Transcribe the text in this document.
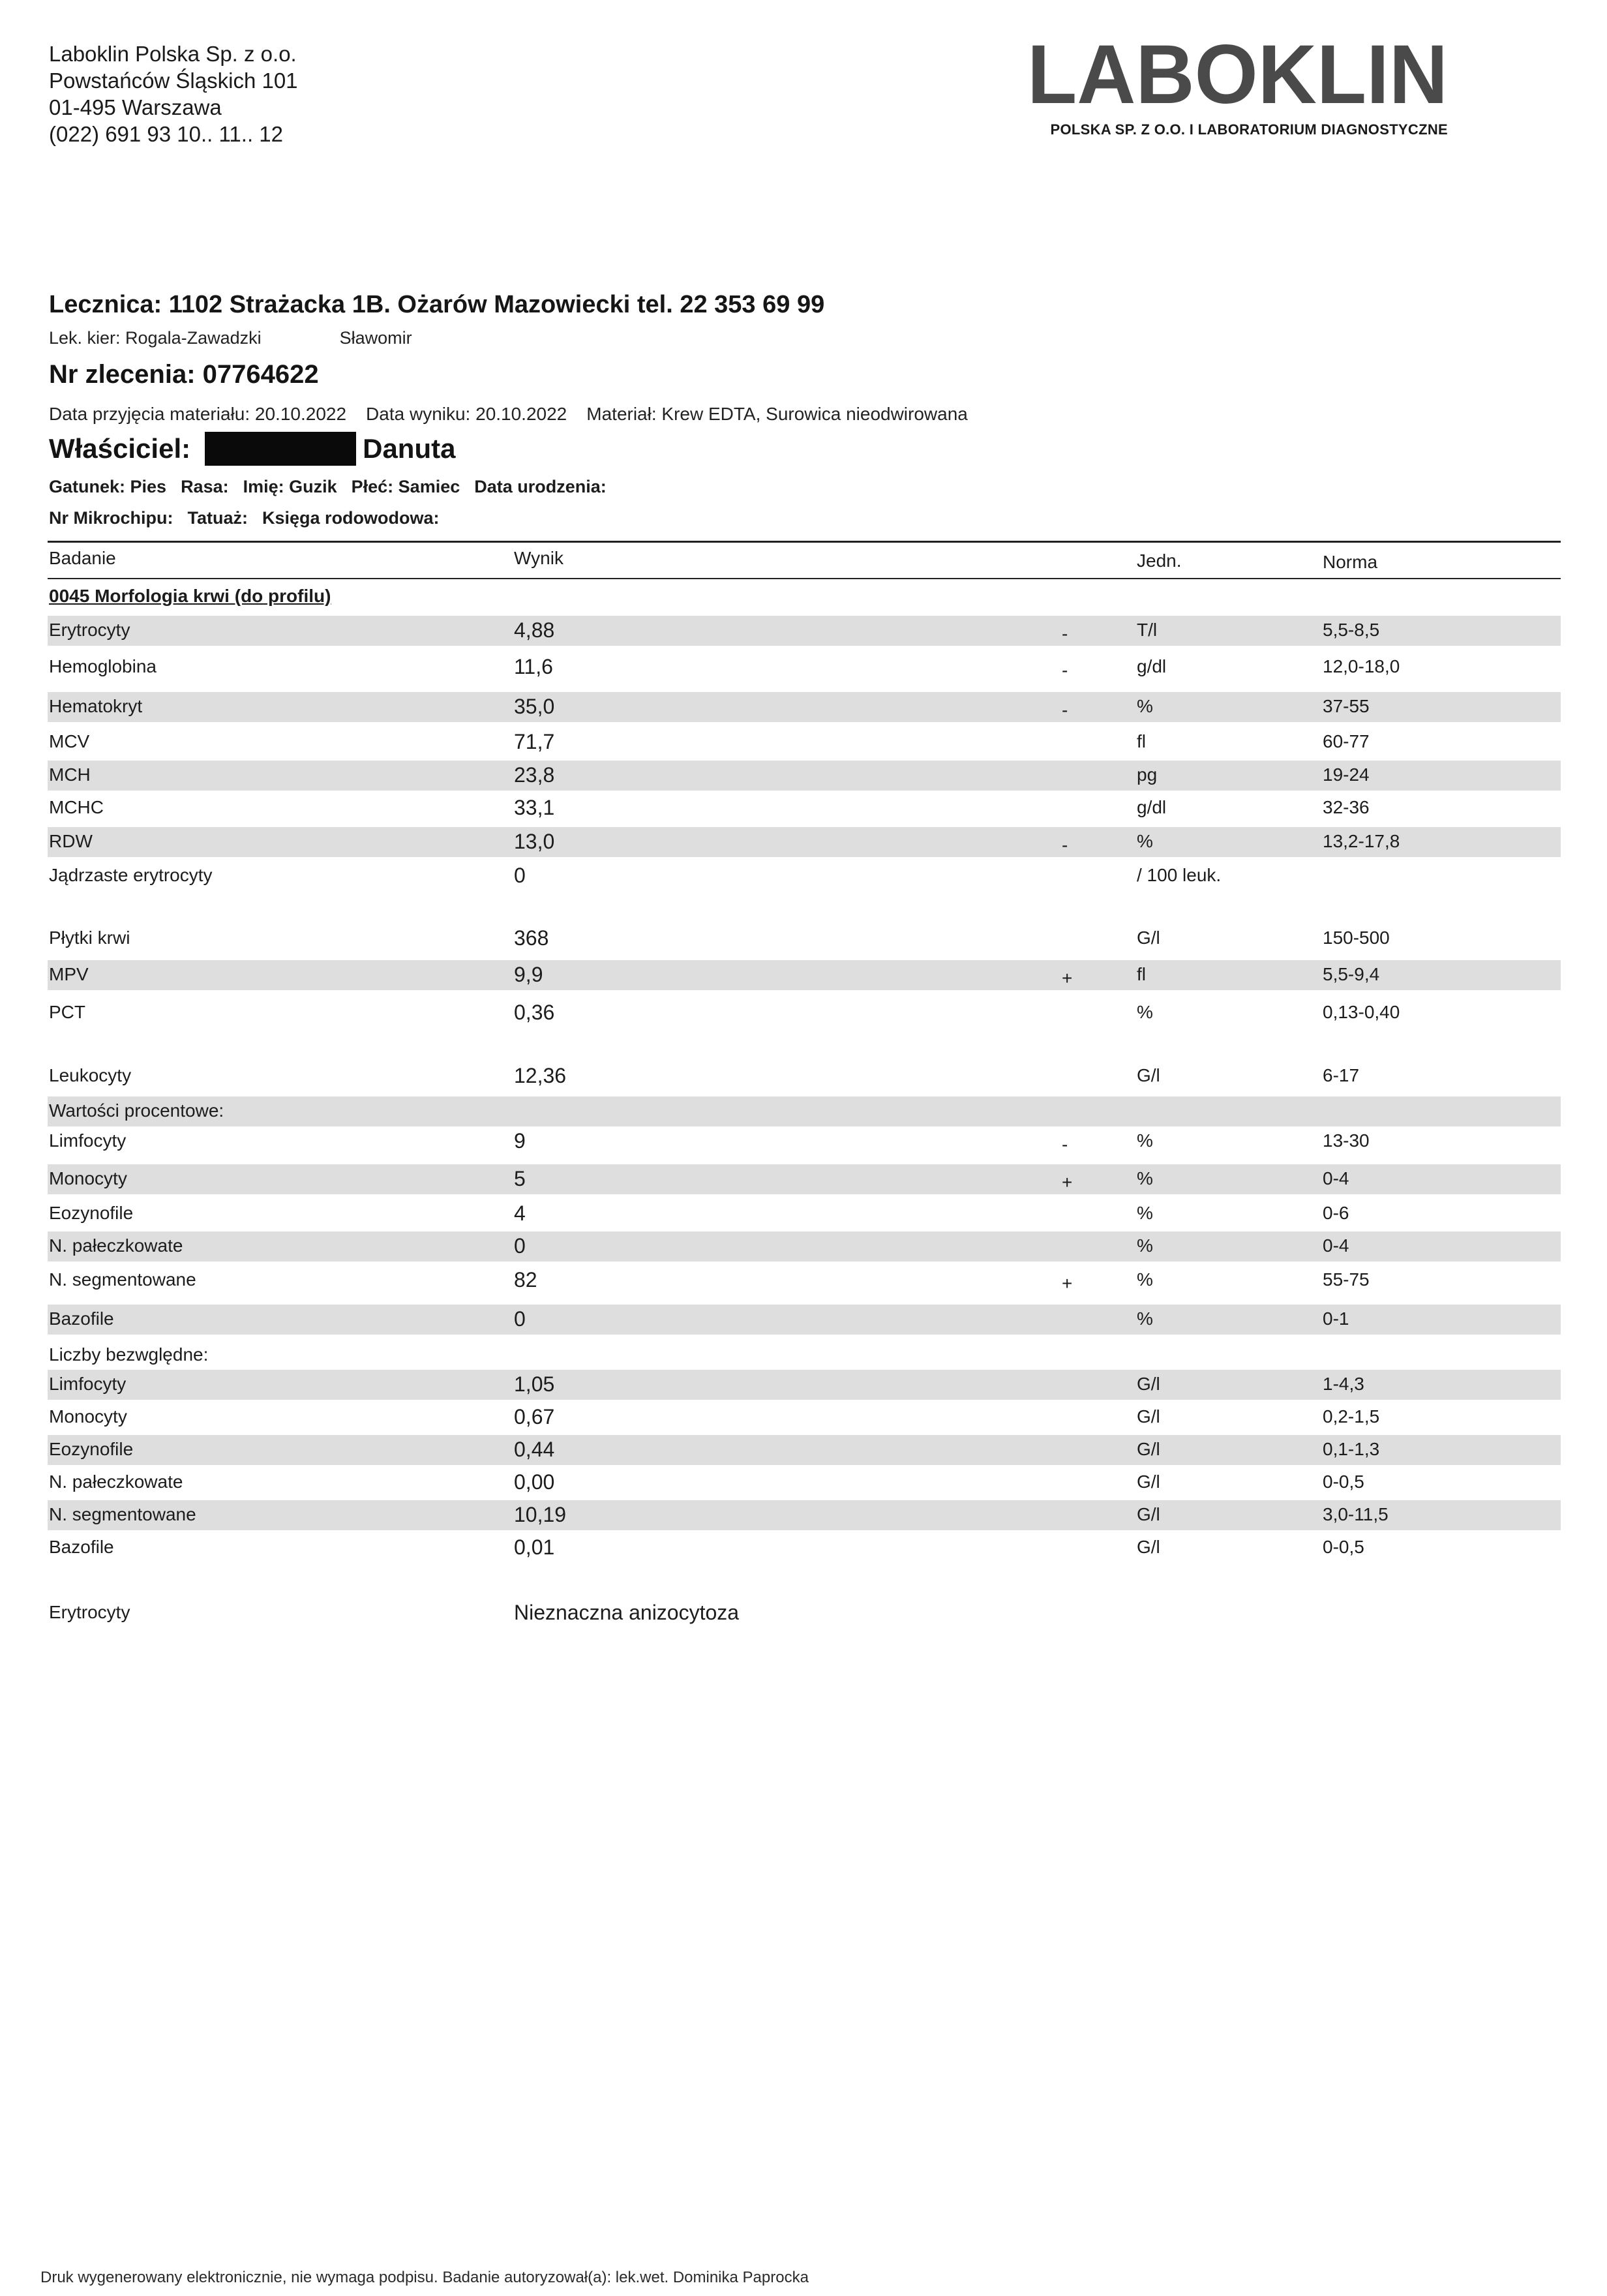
Laboklin Polska Sp. z o.o.
Powstańców Śląskich 101
01-495 Warszawa
(022) 691 93 10.. 11.. 12
LABOKLIN
POLSKA SP. Z O.O. I LABORATORIUM DIAGNOSTYCZNE
Lecznica: 1102 Strażacka 1B. Ożarów Mazowiecki tel. 22 353 69 99
Lek. kier: Rogala-Zawadzki	Sławomir
Nr zlecenia: 07764622
Data przyjęcia materiału: 20.10.2022 Data wyniku: 20.10.2022 Materiał: Krew EDTA, Surowica nieodwirowana
Właściciel:	Danuta
Gatunek: Pies Rasa: Imię: Guzik Płeć: Samiec Data urodzenia:
Nr Mikrochipu: Tatuaż: Księga rodowodowa:
Badanie	Wynik	Jedn.	Norma
0045 Morfologia krwi (do profilu)
Erytrocyty	4,88	-	T/l	5,5-8,5
Hemoglobina	11,6	-	g/dl	12,0-18,0
Hematokryt	35,0	-	%	37-55
MCV	71,7	fl	60-77
MCH	23,8	pg	19-24
MCHC	33,1	g/dl	32-36
RDW	13,0	-	%	13,2-17,8
Jądrzaste erytrocyty	0	/ 100 leuk.
Płytki krwi	368	G/l	150-500
MPV	9,9	+	fl	5,5-9,4
PCT	0,36	%	0,13-0,40
Leukocyty	12,36	G/l	6-17
Wartości procentowe:
Limfocyty	9	-	%	13-30
Monocyty	5	+	%	0-4
Eozynofile	4	%	0-6
N. pałeczkowate	0	%	0-4
N. segmentowane	82	+	%	55-75
Bazofile	0	%	0-1
Liczby bezwględne:
Limfocyty	1,05	G/l	1-4,3
Monocyty	0,67	G/l	0,2-1,5
Eozynofile	0,44	G/l	0,1-1,3
N. pałeczkowate	0,00	G/l	0-0,5
N. segmentowane	10,19	G/l	3,0-11,5
Bazofile	0,01	G/l	0-0,5
Erytrocyty	Nieznaczna anizocytoza
Druk wygenerowany elektronicznie, nie wymaga podpisu. Badanie autoryzował(a): lek.wet. Dominika Paprocka
